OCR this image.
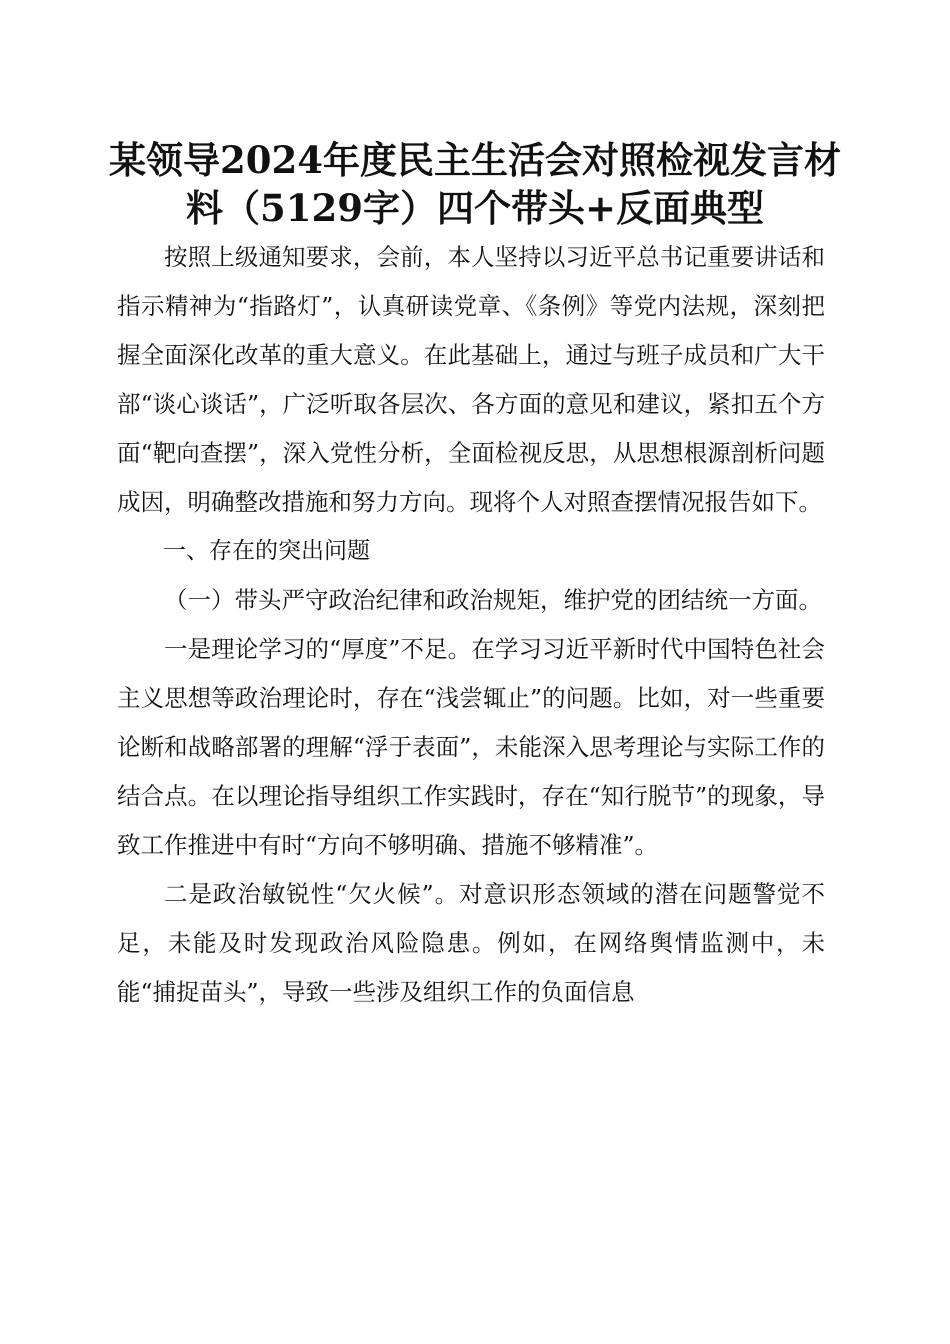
某领导2024年度民主生活会对照检视发言材
料（5129字）四个带头+反面典型

按照上级通知要求，会前，本人坚持以习近平总书记重要讲话和指示精神为“指路灯”，认真研读党章、《条例》等党内法规，深刻把握全面深化改革的重大意义。在此基础上，通过与班子成员和广大干部“谈心谈话”，广泛听取各层次、各方面的意见和建议，紧扣五个方面“靶向查摆”，深入党性分析，全面检视反思，从思想根源剖析问题成因，明确整改措施和努力方向。现将个人对照查摆情况报告如下。

一、存在的突出问题

（一）带头严守政治纪律和政治规矩，维护党的团结统一方面。

一是理论学习的“厚度”不足。在学习习近平新时代中国特色社会主义思想等政治理论时，存在“浅尝辄止”的问题。比如，对一些重要论断和战略部署的理解“浮于表面”，未能深入思考理论与实际工作的结合点。在以理论指导组织工作实践时，存在“知行脱节”的现象，导致工作推进中有时“方向不够明确、措施不够精准”。

二是政治敏锐性“欠火候”。对意识形态领域的潜在问题警觉不足，未能及时发现政治风险隐患。例如，在网络舆情监测中，未能“捕捉苗头”，导致一些涉及组织工作的负面信息
